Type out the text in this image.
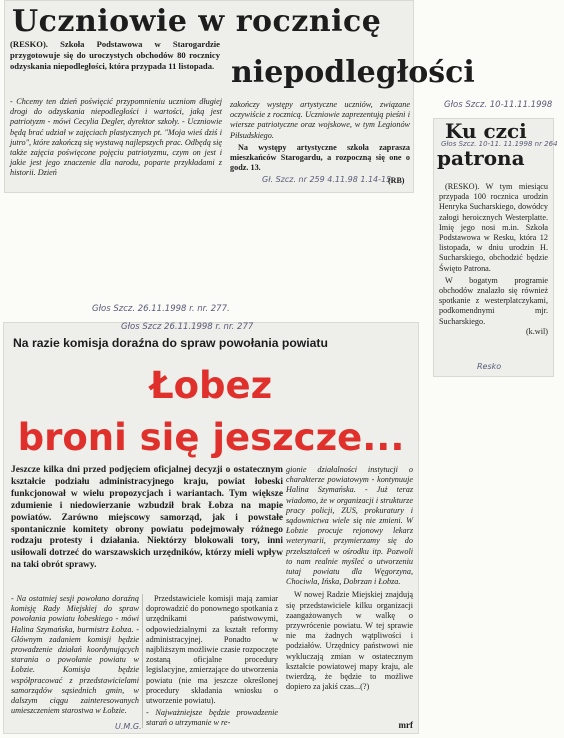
Uczniowie w rocznicę
niepodległości

(RESKO). Szkoła Podstawowa w Starogardzie przygotowuje się do uroczystych obchodów 80 rocznicy odzyskania niepodległości, która przypada 11 listopada.

- Chcemy ten dzień poświęcić przypomnieniu uczniom długiej drogi do odzyskania niepodległości i wartości, jaką jest patriotyzm - mówi Cecylia Degler, dyrektor szkoły. - Uczniowie będą brać udział w zajęciach plastycznych pt. "Moja wieś dziś i jutro", które zakończą się wystawą najlepszych prac. Odbędą się także zajęcia poświęcone pojęciu patriotyzmu, czym on jest i jakie jest jego znaczenie dla narodu, poparte przykładami z historii. Dzień

zakończy występy artystyczne uczniów, związane oczywiście z rocznicą. Uczniowie zaprezentują pieśni i wiersze patriotyczne oraz wojskowe, w tym Legionów Piłsudskiego.

Na występy artystyczne szkoła zaprasza mieszkańców Starogardu, a rozpoczną się one o godz. 13.

Gł. Szcz. nr 259 4.11.98 1.14-15
(RB)
Głos Szcz. 10-11.11.1998
Ku czci
Głos Szcz. 10-11. 11.1998 nr 264
patrona

(RESKO). W tym miesiącu przypada 100 rocznica urodzin Henryka Sucharskiego, dowódcy załogi heroicznych Westerplatte. Imię jego nosi m.in. Szkoła Podstawowa w Resku, która 12 listopada, w dniu urodzin H. Sucharskiego, obchodzić będzie Święto Patrona.

W bogatym programie obchodów znalazło się również spotkanie z westerplatczykami, podkomendnymi mjr. Sucharskiego.

(k.wil)

Resko
Głos Szcz. 26.11.1998 r. nr. 277.
Głos Szcz 26.11.1998 r. nr. 277
Na razie komisja doraźna do spraw powołania powiatu
Łobez
broni się jeszcze...

Jeszcze kilka dni przed podjęciem oficjalnej decyzji o ostatecznym kształcie podziału administracyjnego kraju, powiat łobeski funkcjonował w wielu propozycjach i wariantach. Tym większe zdumienie i niedowierzanie wzbudził brak Łobza na mapie powiatów. Zarówno miejscowy samorząd, jak i powstałe spontanicznie komitety obrony powiatu podejmowały różnego rodzaju protesty i działania. Niektórzy blokowali tory, inni usiłowali dotrzeć do warszawskich urzędników, którzy mieli wpływ na taki obrót sprawy.

- Na ostatniej sesji powołano doraźną komisję Rady Miejskiej do spraw powołania powiatu łobeskiego - mówi Halina Szymańska, burmistrz Łobza. - Głównym zadaniem komisji będzie prowadzenie działań koordynujących starania o powołanie powiatu w Łobzie. Komisja będzie współpracować z przedstawicielami samorządów sąsiednich gmin, w dalszym ciągu zainteresowanych umieszczeniem starostwa w Łobzie.

Przedstawiciele komisji mają zamiar doprowadzić do ponownego spotkania z urzędnikami państwowymi, odpowiedzialnymi za kształt reformy administracyjnej. Ponadto w najbliższym możliwie czasie rozpoczęte zostaną oficjalne procedury legislacyjne, zmierzające do utworzenia powiatu (nie ma jeszcze określonej procedury składania wniosku o utworzenie powiatu).

- Najważniejsze będzie prowadzenie starań o utrzymanie w re-

gionie działalności instytucji o charakterze powiatowym - kontynuuje Halina Szymańska. - Już teraz wiadomo, że w organizacji i strukturze pracy policji, ZUS, prokuratury i sądownictwa wiele się nie zmieni. W Łobzie procuje rejonowy lekarz weterynarii, przymierzamy się do przekształceń w ośrodku itp. Pozwoli to nam realnie myśleć o utworzeniu tutaj powiatu dla Węgorzyna, Chociwla, Ińska, Dobrzan i Łobza.

W nowej Radzie Miejskiej znajdują się przedstawiciele kilku organizacji zaangażowanych w walkę o przywrócenie powiatu. W tej sprawie nie ma żadnych wątpliwości i podziałów. Urzędnicy państwowi nie wykluczają zmian w ostatecznym kształcie powiatowej mapy kraju, ale twierdzą, że będzie to możliwe dopiero za jakiś czas...(?)

U.M.G.	mrf
